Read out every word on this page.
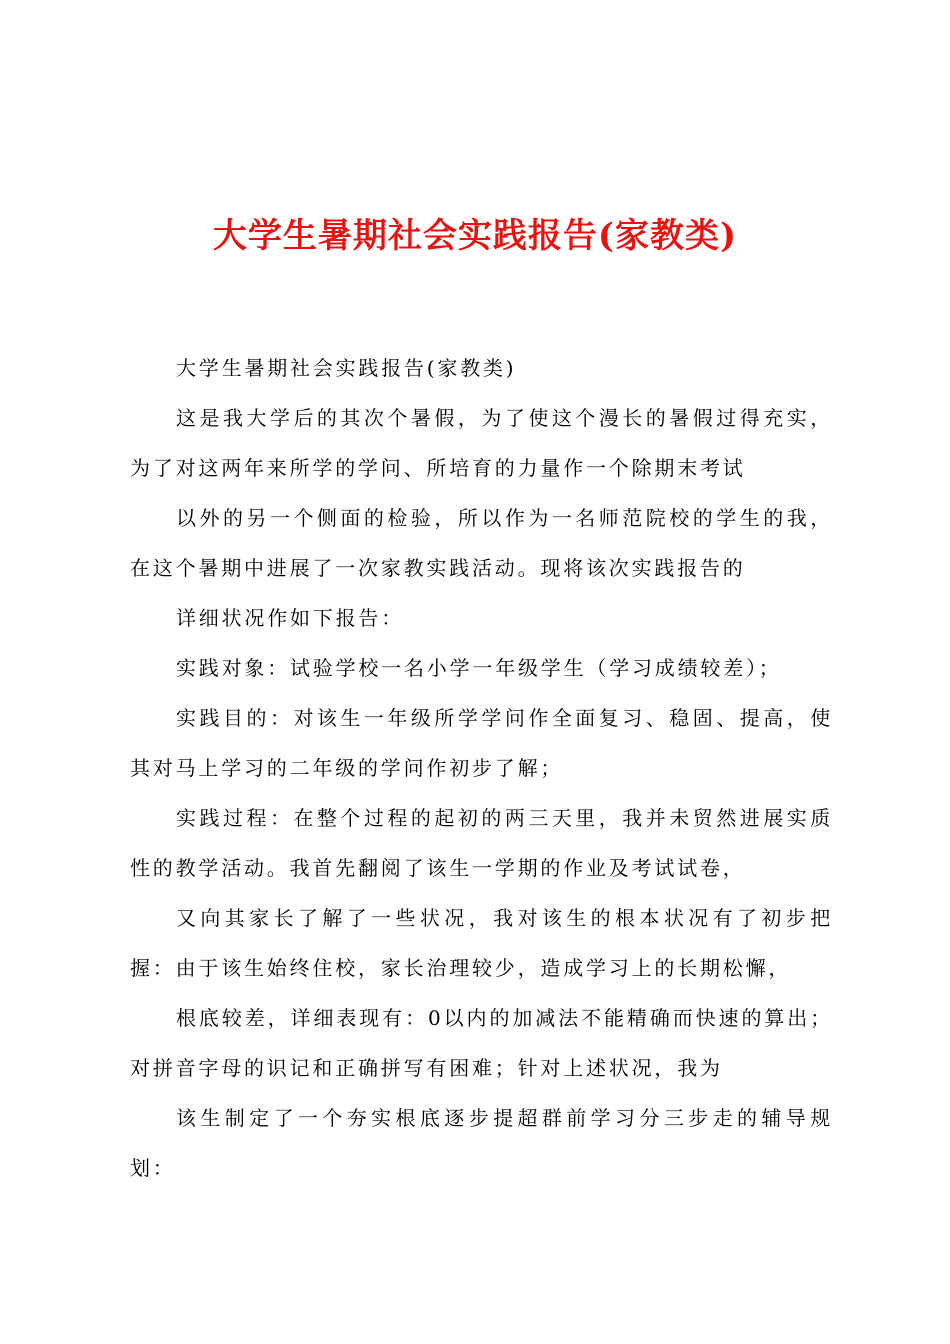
大学生暑期社会实践报告(家教类)

大学生暑期社会实践报告(家教类)

这是我大学后的其次个暑假，为了使这个漫长的暑假过得充实，为了对这两年来所学的学问、所培育的力量作一个除期末考试

以外的另一个侧面的检验，所以作为一名师范院校的学生的我，在这个暑期中进展了一次家教实践活动。现将该次实践报告的

详细状况作如下报告：

实践对象：试验学校一名小学一年级学生（学习成绩较差）；

实践目的：对该生一年级所学学问作全面复习、稳固、提高，使其对马上学习的二年级的学问作初步了解；

实践过程：在整个过程的起初的两三天里，我并未贸然进展实质性的教学活动。我首先翻阅了该生一学期的作业及考试试卷，

又向其家长了解了一些状况，我对该生的根本状况有了初步把握：由于该生始终住校，家长治理较少，造成学习上的长期松懈，

根底较差，详细表现有：0以内的加减法不能精确而快速的算出；对拼音字母的识记和正确拼写有困难；针对上述状况，我为

该生制定了一个夯实根底逐步提超群前学习分三步走的辅导规划：
